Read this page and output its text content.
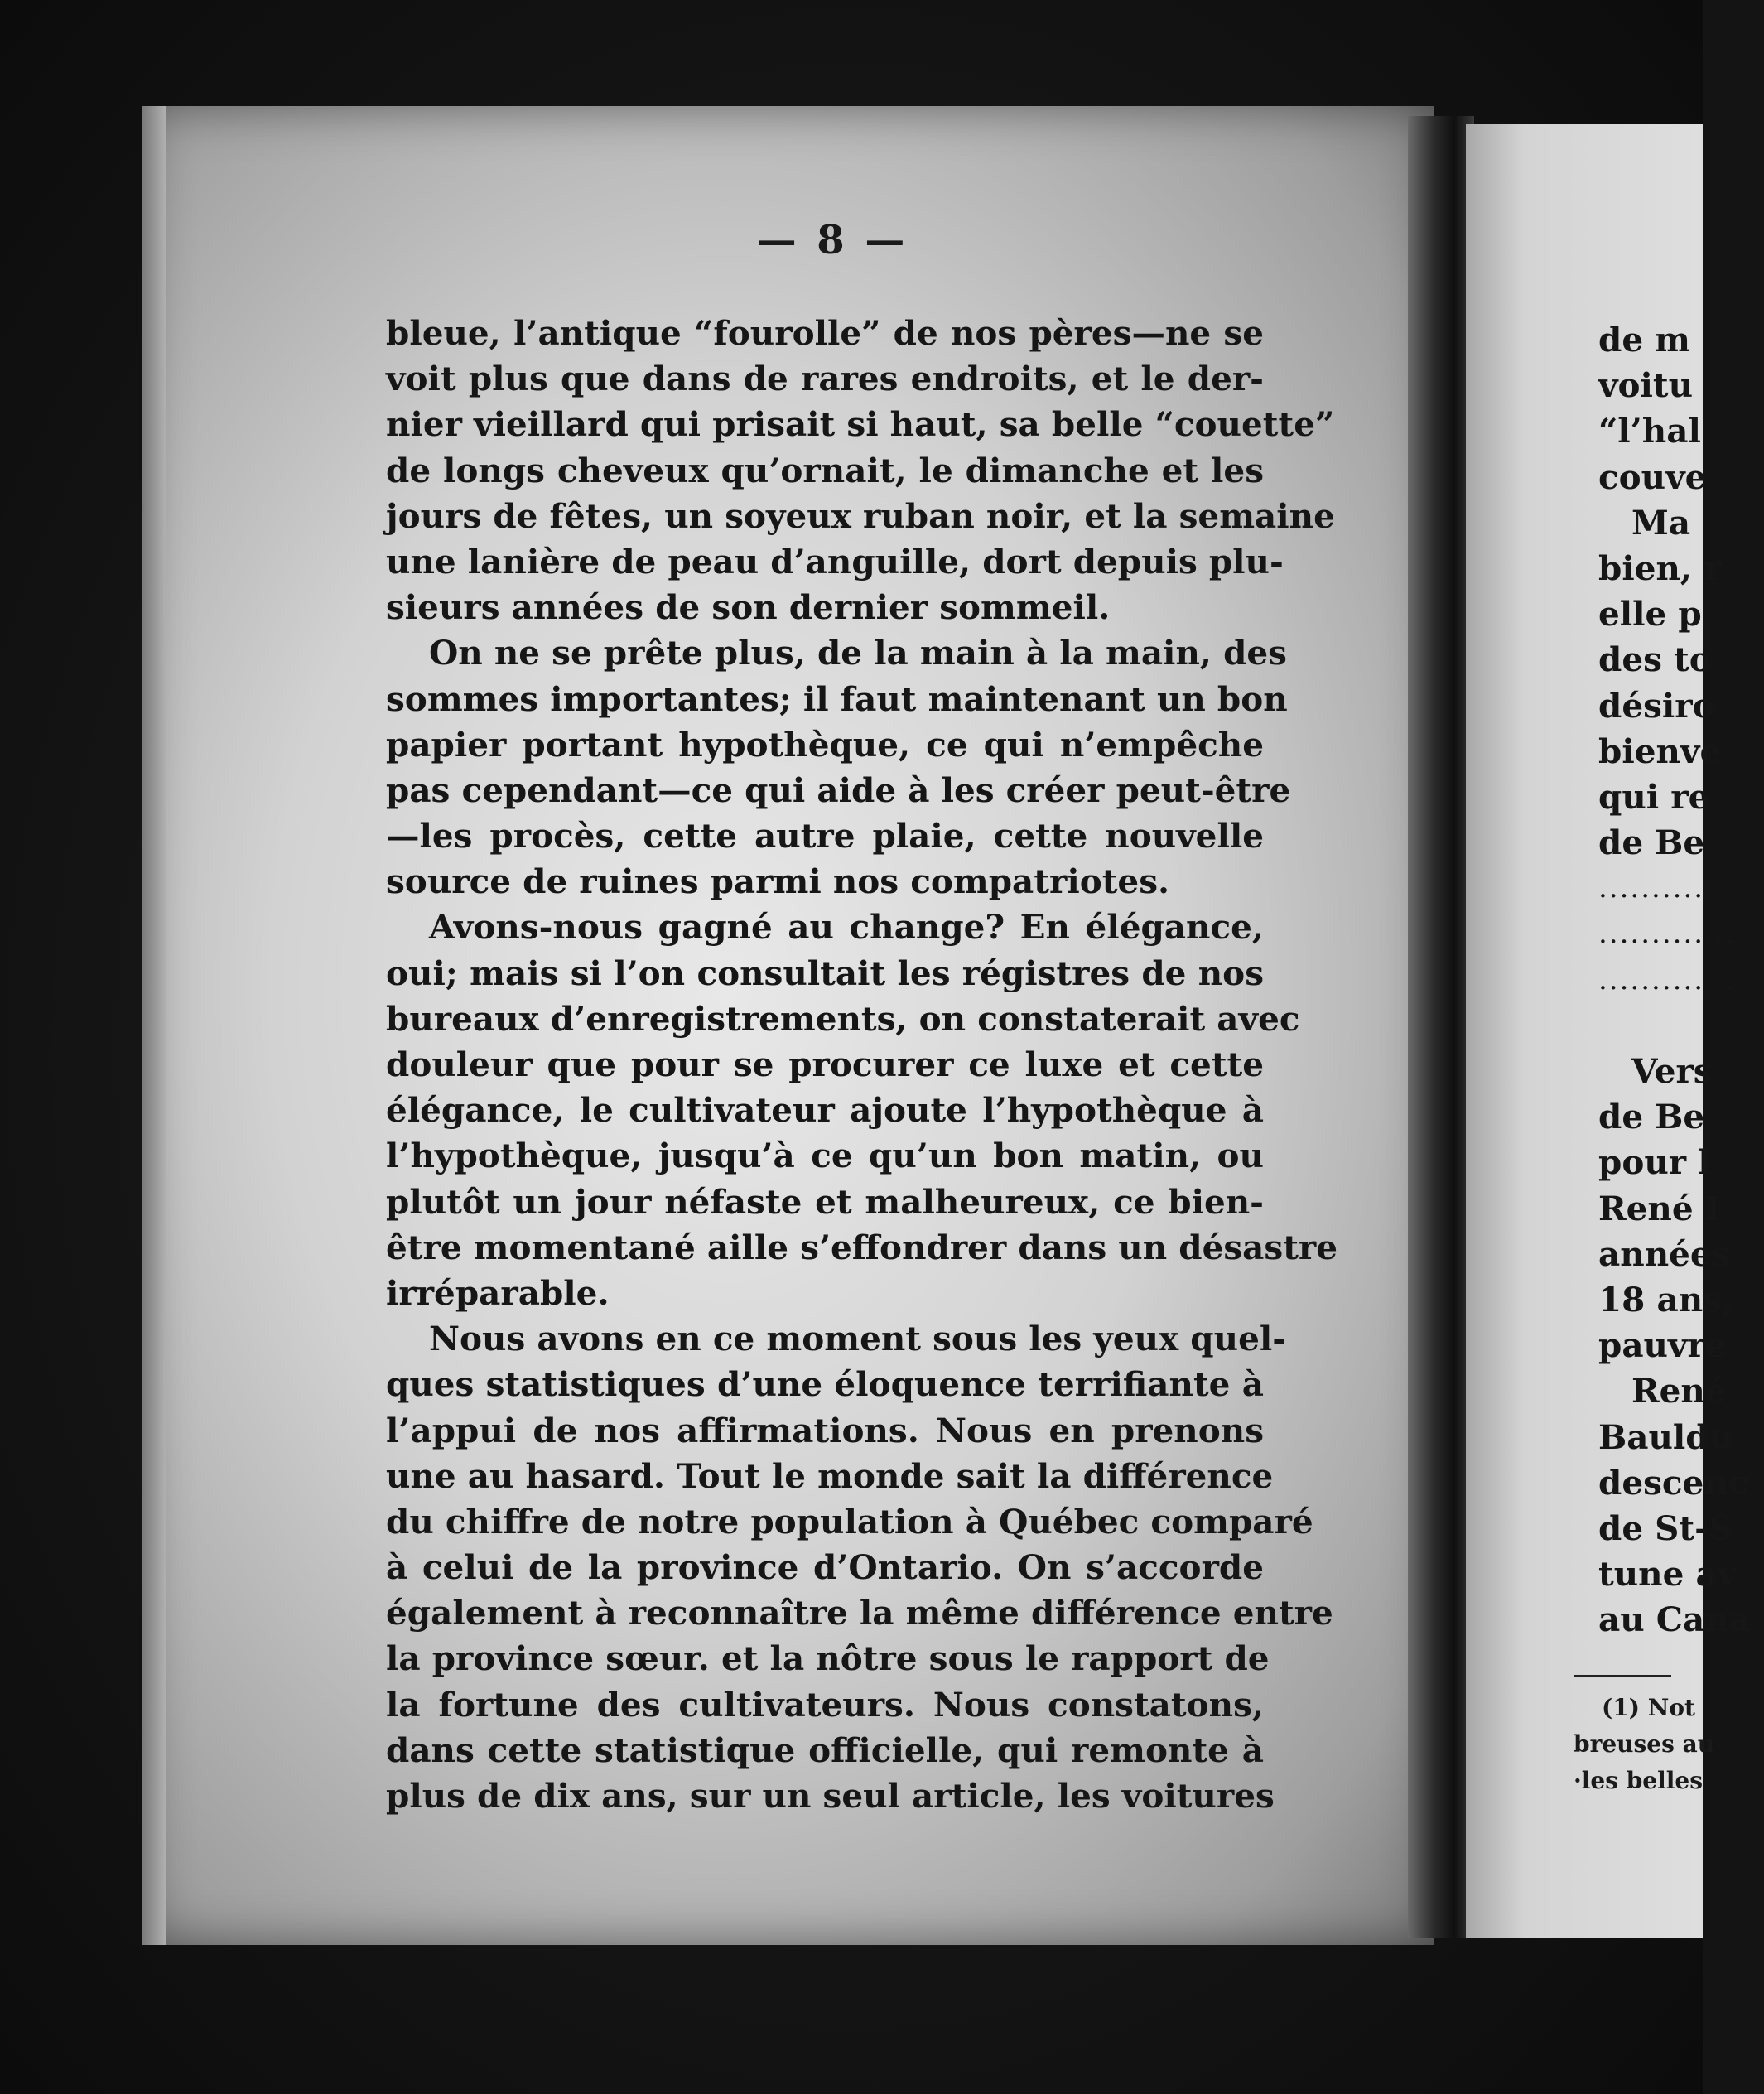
— 8 —
bleue, l’antique “fourolle” de nos pères—ne se
voit plus que dans de rares endroits, et le der-
nier vieillard qui prisait si haut, sa belle “couette”
de longs cheveux qu’ornait, le dimanche et les
jours de fêtes, un soyeux ruban noir, et la semaine
une lanière de peau d’anguille, dort depuis plu-
sieurs années de son dernier sommeil.
On ne se prête plus, de la main à la main, des
sommes importantes; il faut maintenant un bon
papier portant hypothèque, ce qui n’empêche
pas cependant—ce qui aide à les créer peut-être
—les procès, cette autre plaie, cette nouvelle
source de ruines parmi nos compatriotes.
Avons-nous gagné au change? En élégance,
oui; mais si l’on consultait les régistres de nos
bureaux d’enregistrements, on constaterait avec
douleur que pour se procurer ce luxe et cette
élégance, le cultivateur ajoute l’hypothèque à
l’hypothèque, jusqu’à ce qu’un bon matin, ou
plutôt un jour néfaste et malheureux, ce bien-
être momentané aille s’effondrer dans un désastre
irréparable.
Nous avons en ce moment sous les yeux quel-
ques statistiques d’une éloquence terrifiante à
l’appui de nos affirmations. Nous en prenons
une au hasard. Tout le monde sait la différence
du chiffre de notre population à Québec comparé
à celui de la province d’Ontario. On s’accorde
également à reconnaître la même différence entre
la province sœur. et la nôtre sous le rapport de
la fortune des cultivateurs. Nous constatons,
dans cette statistique officielle, qui remonte à
plus de dix ans, sur un seul article, les voitures
de m
voitu
“l’hal
couve
Ma
bien, r
elle p
des to
désiro
bienve
qui re
de Be
.............
.............
.............
Vers
de Be
pour l
René I
années
18 ans,
pauvre
René
Bauldu
descenc
de St-S
tune av
au Cana
(1) Not
breuses au
·les belles
